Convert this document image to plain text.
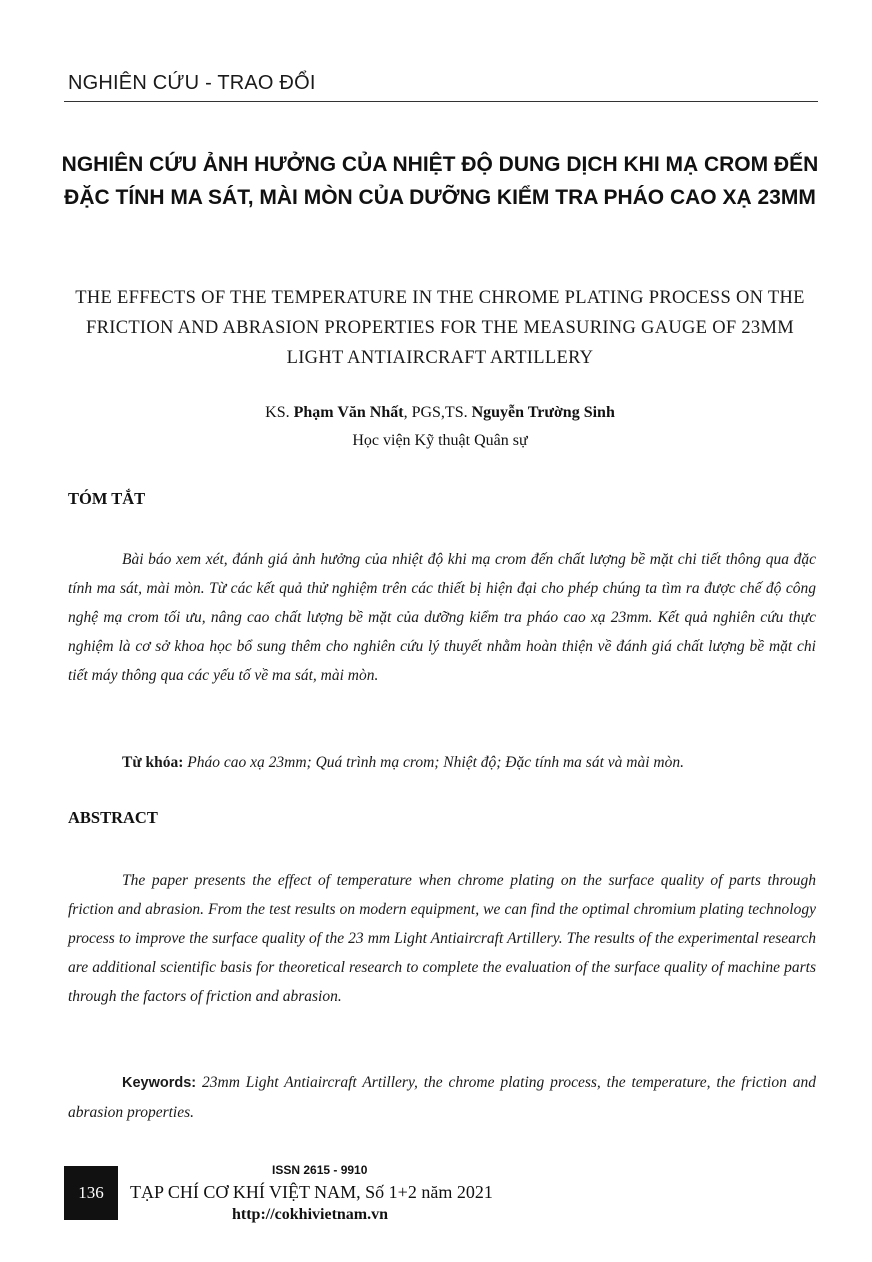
NGHIÊN CỨU - TRAO ĐỔI
NGHIÊN CỨU ẢNH HƯỞNG CỦA NHIỆT ĐỘ DUNG DỊCH KHI MẠ CROM ĐẾN ĐẶC TÍNH MA SÁT, MÀI MÒN CỦA DƯỠNG KIỂM TRA PHÁO CAO XẠ 23MM
THE EFFECTS OF THE TEMPERATURE IN THE CHROME PLATING PROCESS ON THE FRICTION AND ABRASION PROPERTIES FOR THE MEASURING GAUGE OF 23MM LIGHT ANTIAIRCRAFT ARTILLERY
KS. Phạm Văn Nhất, PGS,TS. Nguyễn Trường Sinh
Học viện Kỹ thuật Quân sự
TÓM TẮT

Bài báo xem xét, đánh giá ảnh hưởng của nhiệt độ khi mạ crom đến chất lượng bề mặt chi tiết thông qua đặc tính ma sát, mài mòn. Từ các kết quả thử nghiệm trên các thiết bị hiện đại cho phép chúng ta tìm ra được chế độ công nghệ mạ crom tối ưu, nâng cao chất lượng bề mặt của dưỡng kiểm tra pháo cao xạ 23mm. Kết quả nghiên cứu thực nghiệm là cơ sở khoa học bổ sung thêm cho nghiên cứu lý thuyết nhằm hoàn thiện về đánh giá chất lượng bề mặt chi tiết máy thông qua các yếu tố về ma sát, mài mòn.

Từ khóa: Pháo cao xạ 23mm; Quá trình mạ crom; Nhiệt độ; Đặc tính ma sát và mài mòn.

ABSTRACT

The paper presents the effect of temperature when chrome plating on the surface quality of parts through friction and abrasion. From the test results on modern equipment, we can find the optimal chromium plating technology process to improve the surface quality of the 23 mm Light Antiaircraft Artillery. The results of the experimental research are additional scientific basis for theoretical research to complete the evaluation of the surface quality of machine parts through the factors of friction and abrasion.

Keywords: 23mm Light Antiaircraft Artillery, the chrome plating process, the temperature, the friction and abrasion properties.

136
ISSN 2615 - 9910
TẠP CHÍ CƠ KHÍ VIỆT NAM, Số 1+2 năm 2021
http://cokhivietnam.vn
